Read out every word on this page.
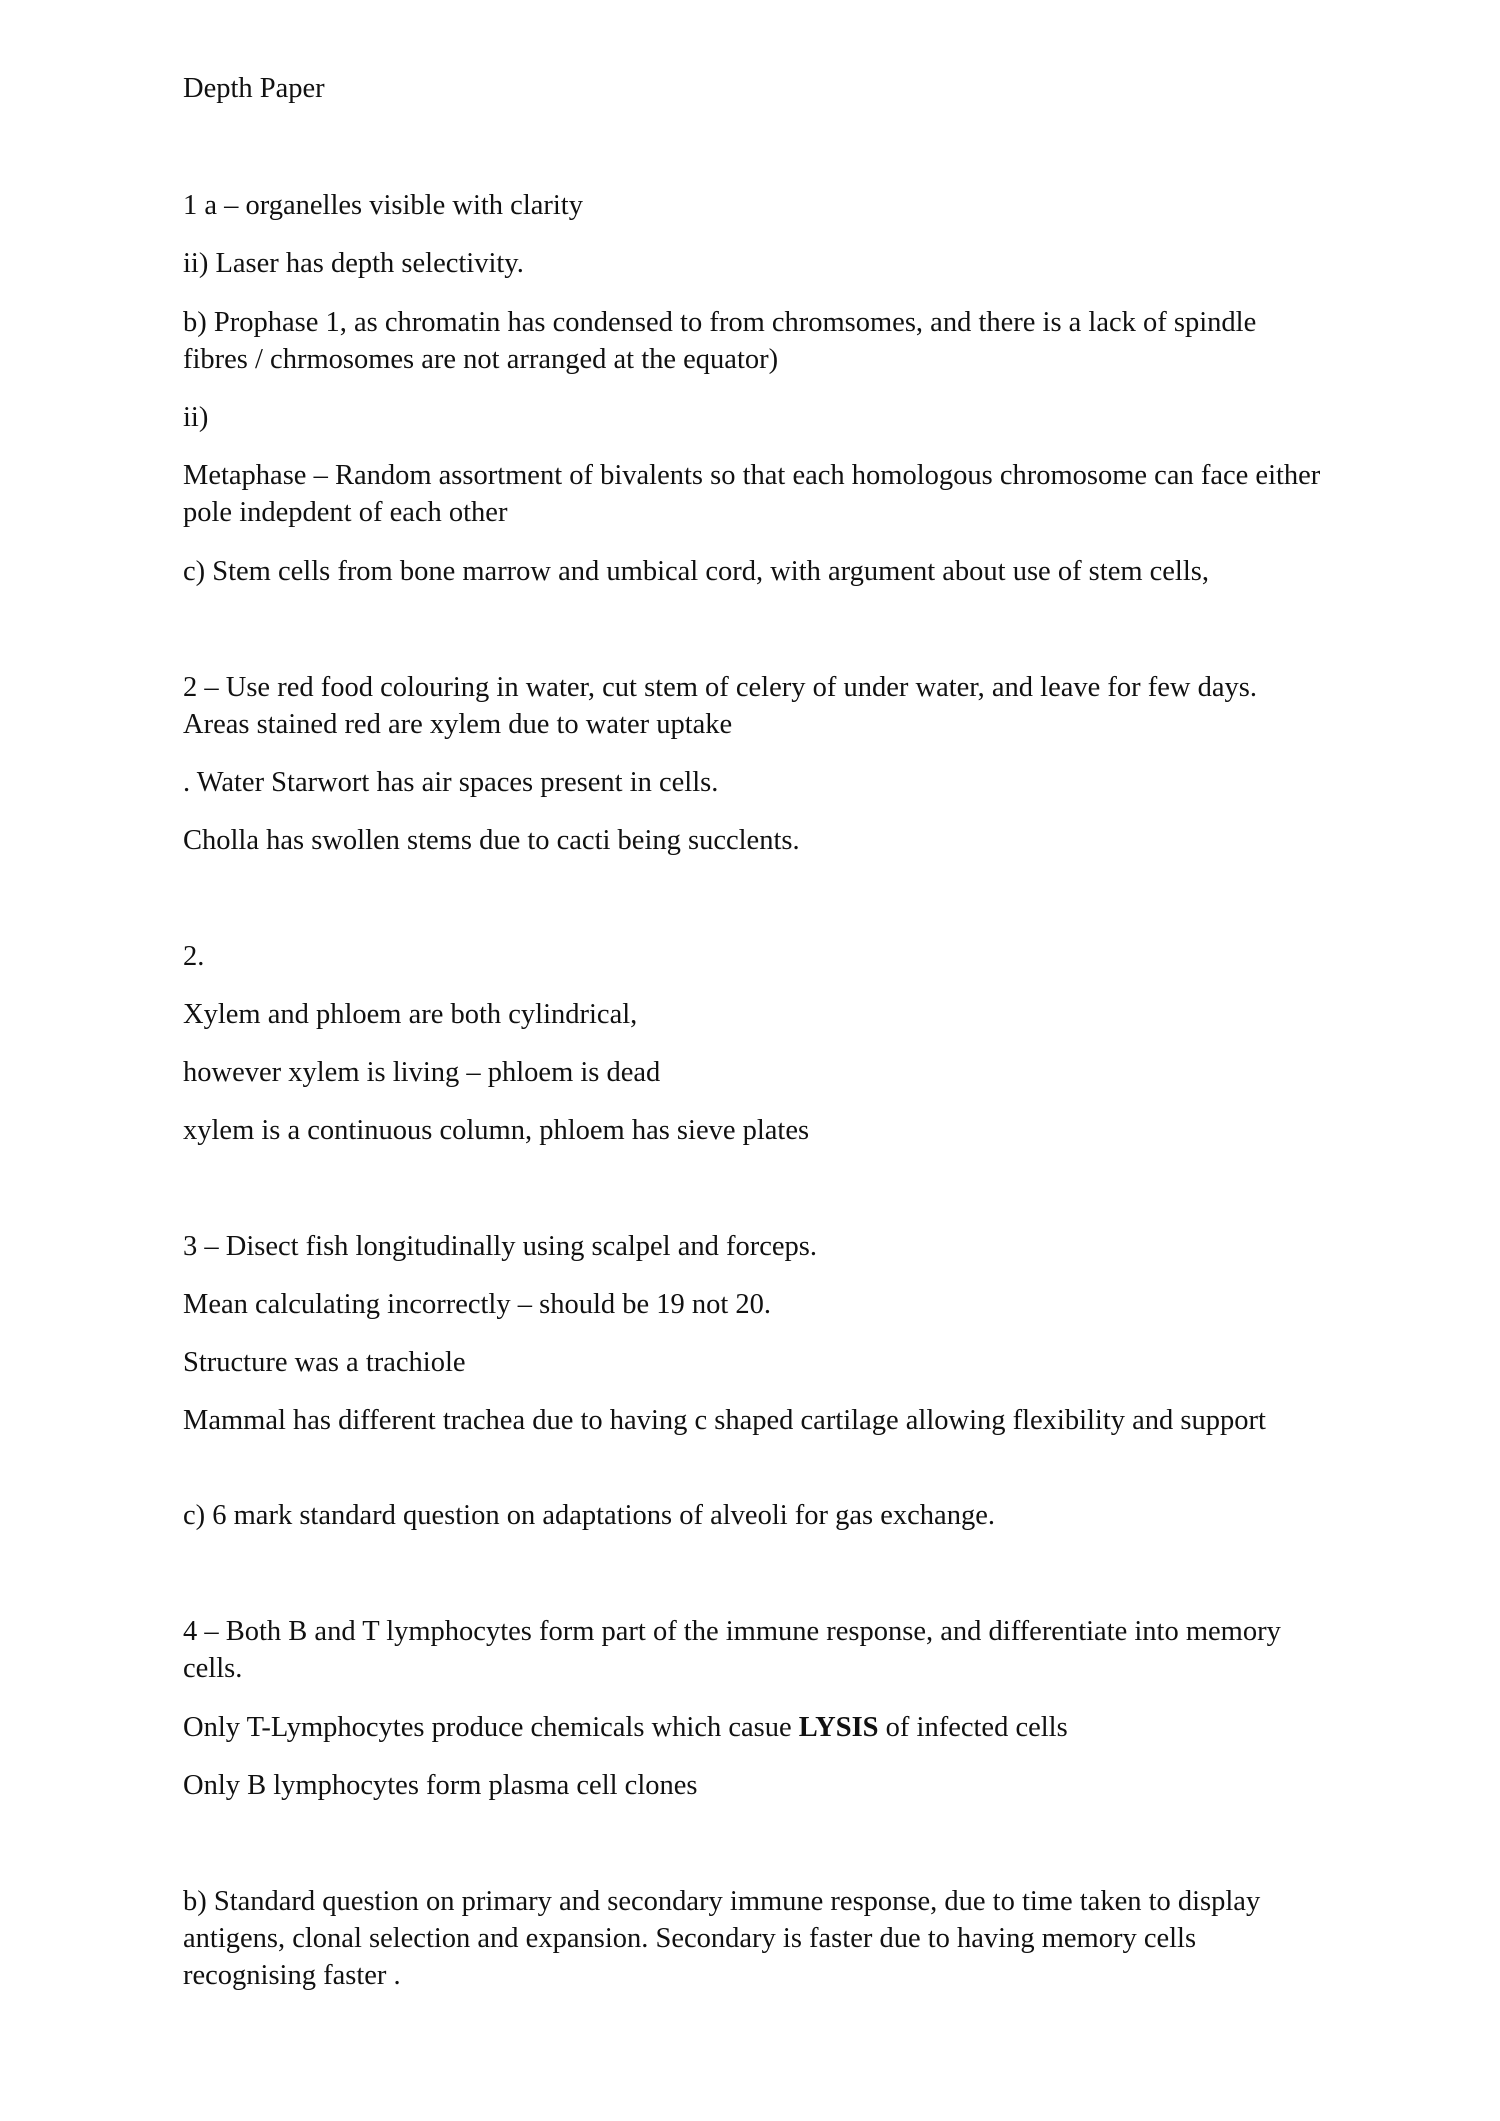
Depth Paper

1 a – organelles visible with clarity

ii) Laser has depth selectivity.

b) Prophase 1, as chromatin has condensed to from chromsomes, and there is a lack of spindle fibres / chrmosomes are not arranged at the equator)

ii)

Metaphase – Random assortment of bivalents so that each homologous chromosome can face either pole indepdent of each other

c) Stem cells from bone marrow and umbical cord, with argument about use of stem cells,

2 – Use red food colouring in water, cut stem of celery of under water, and leave for few days. Areas stained red are xylem due to water uptake

. Water Starwort has air spaces present in cells.

Cholla has swollen stems due to cacti being succlents.

2.

Xylem and phloem are both cylindrical,

however xylem is living – phloem is dead

xylem is a continuous column, phloem has sieve plates

3 – Disect fish longitudinally using scalpel and forceps.

Mean calculating incorrectly – should be 19 not 20.

Structure was a trachiole

Mammal has different trachea due to having c shaped cartilage allowing flexibility and support

c) 6 mark standard question on adaptations of alveoli for gas exchange.

4 – Both B and T lymphocytes form part of the immune response, and differentiate into memory cells.

Only T-Lymphocytes produce chemicals which casue LYSIS of infected cells

Only B lymphocytes form plasma cell clones

b) Standard question on primary and secondary immune response, due to time taken to display antigens, clonal selection and expansion. Secondary is faster due to having memory cells recognising faster .
